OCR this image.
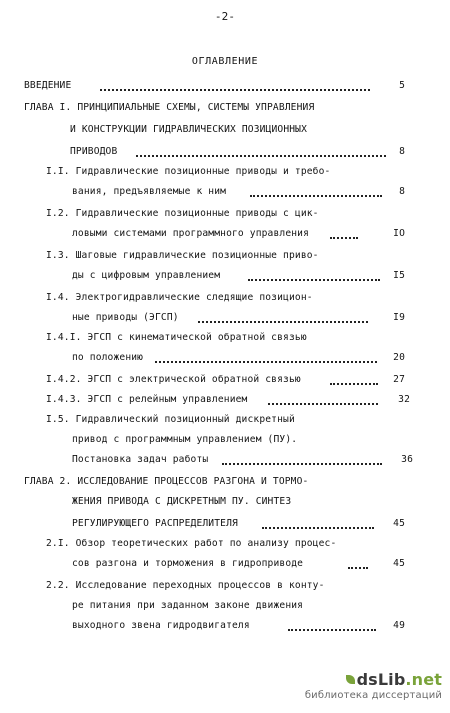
-2-
ОГЛАВЛЕНИЕ
ВВЕДЕНИЕ	5
ГЛАВА I. ПРИНЦИПИАЛЬНЫЕ СХЕМЫ, СИСТЕМЫ УПРАВЛЕНИЯ
И КОНСТРУКЦИИ ГИДРАВЛИЧЕСКИХ ПОЗИЦИОННЫХ
ПРИВОДОВ	8
I.I. Гидравлические позиционные приводы и требо-
вания, предъявляемые к ним	8
I.2. Гидравлические позиционные приводы с цик-
ловыми системами программного управления	IO
I.3. Шаговые гидравлические позиционные приво-
ды с цифровым управлением	I5
I.4. Электрогидравлические следящие позицион-
ные приводы (ЭГСП)	I9
I.4.I. ЭГСП с кинематической обратной связью
по положению	20
I.4.2. ЭГСП с электрической обратной связью	27
I.4.3. ЭГСП с релейным управлением	32
I.5. Гидравлический позиционный дискретный
привод с программным управлением (ПУ).
Постановка задач работы	36
ГЛАВА 2. ИССЛЕДОВАНИЕ ПРОЦЕССОВ РАЗГОНА И ТОРМО-
ЖЕНИЯ ПРИВОДА С ДИСКРЕТНЫМ ПУ. СИНТЕЗ
РЕГУЛИРУЮЩЕГО РАСПРЕДЕЛИТЕЛЯ	45
2.I. Обзор теоретических работ по анализу процес-
сов разгона и торможения в гидроприводе	45
2.2. Исследование переходных процессов в конту-
ре питания при заданном законе движения
выходного звена гидродвигателя	49
dsLib.net
библиотека диссертаций
